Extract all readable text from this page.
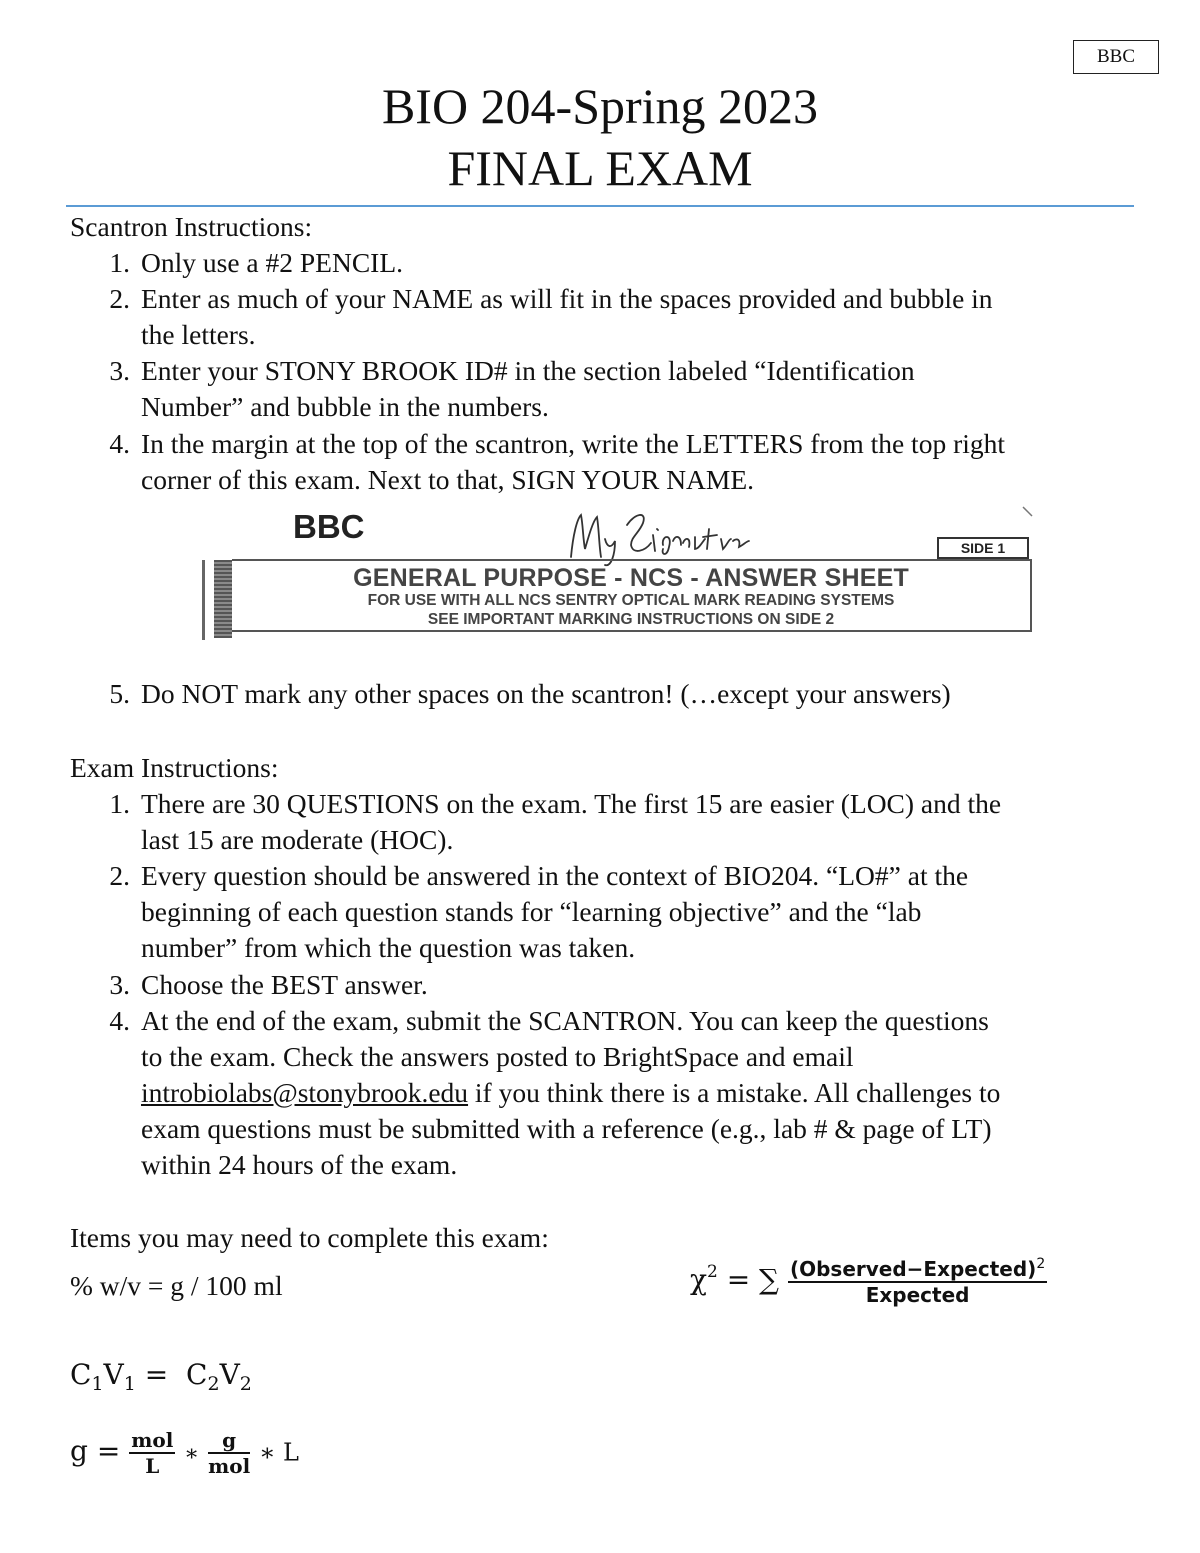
BBC
BIO 204-Spring 2023
FINAL EXAM
Scantron Instructions:
1. Only use a #2 PENCIL.
2. Enter as much of your NAME as will fit in the spaces provided and bubble in
the letters.
3. Enter your STONY BROOK ID# in the section labeled “Identification
Number” and bubble in the numbers.
4. In the margin at the top of the scantron, write the LETTERS from the top right
corner of this exam. Next to that, SIGN YOUR NAME.
BBC
SIDE 1
GENERAL PURPOSE - NCS - ANSWER SHEET
FOR USE WITH ALL NCS SENTRY OPTICAL MARK READING SYSTEMS
SEE IMPORTANT MARKING INSTRUCTIONS ON SIDE 2
5. Do NOT mark any other spaces on the scantron! (…except your answers)
Exam Instructions:
1. There are 30 QUESTIONS on the exam. The first 15 are easier (LOC) and the
last 15 are moderate (HOC).
2. Every question should be answered in the context of BIO204. “LO#” at the
beginning of each question stands for “learning objective” and the “lab
number” from which the question was taken.
3. Choose the BEST answer.
4. At the end of the exam, submit the SCANTRON. You can keep the questions
to the exam. Check the answers posted to BrightSpace and email
introbiolabs@stonybrook.edu if you think there is a mistake. All challenges to
exam questions must be submitted with a reference (e.g., lab # & page of LT)
within 24 hours of the exam.
Items you may need to complete this exam:
% w/v = g / 100 ml	$\chi^2$ = ∑ $\frac{(Observed-Expected)^2}{\text{Expected}}$
$C_1V_1 = C_2V_2$
$g = \frac{\text{mol}}{L}$ ∗ $\frac{g}{\text{mol}}$ ∗ L
